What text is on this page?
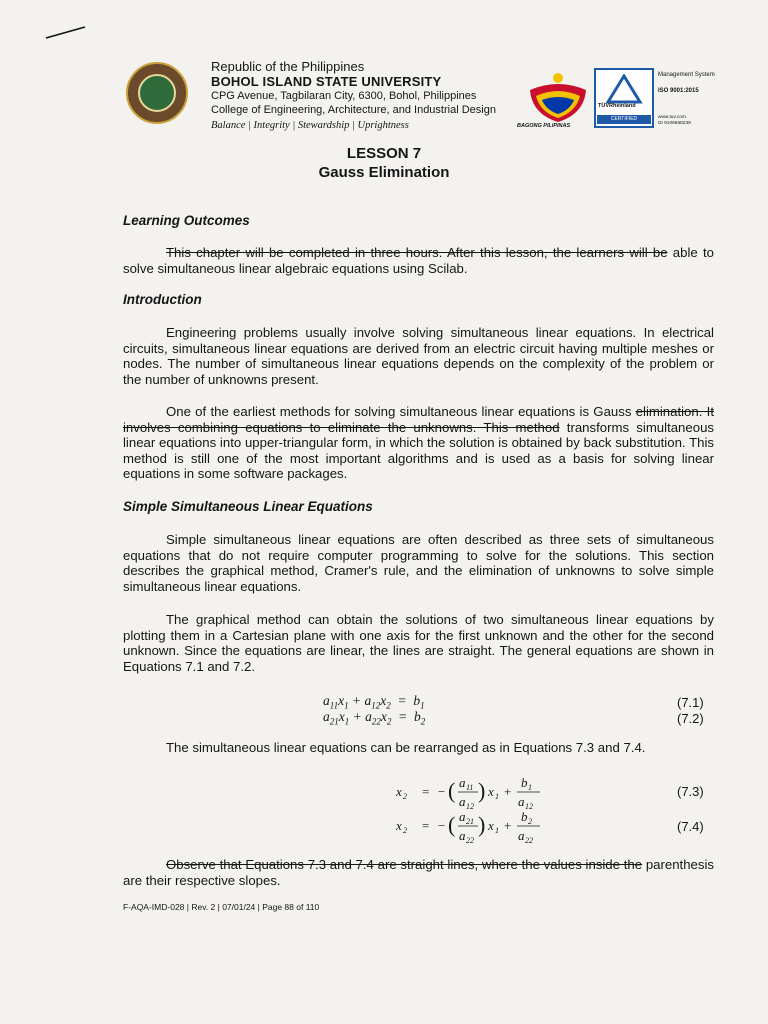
Republic of the Philippines
BOHOL ISLAND STATE UNIVERSITY
CPG Avenue, Tagbilaran City, 6300, Bohol, Philippines
College of Engineering, Architecture, and Industrial Design
Balance | Integrity | Stewardship | Uprightness	BAGONG PILIPINAS
TÜVRheinland
CERTIFIED
Management System
ISO 9001:2015
www.tuv.com
ID 9108658239
LESSON 7
Gauss Elimination
Learning Outcomes

This chapter will be completed in three hours. After this lesson, the learners will be able to solve simultaneous linear algebraic equations using Scilab.

Introduction

Engineering problems usually involve solving simultaneous linear equations. In electrical circuits, simultaneous linear equations are derived from an electric circuit having multiple meshes or nodes. The number of simultaneous linear equations depends on the complexity of the problem or the number of unknowns present.

One of the earliest methods for solving simultaneous linear equations is Gauss elimination. It involves combining equations to eliminate the unknowns. This method transforms simultaneous linear equations into upper-triangular form, in which the solution is obtained by back substitution. This method is still one of the most important algorithms and is used as a basis for solving linear equations in some software packages.

Simple Simultaneous Linear Equations

Simple simultaneous linear equations are often described as three sets of simultaneous equations that do not require computer programming to solve for the solutions. This section describes the graphical method, Cramer's rule, and the elimination of unknowns to solve simple simultaneous linear equations.

The graphical method can obtain the solutions of two simultaneous linear equations by plotting them in a Cartesian plane with one axis for the first unknown and the other for the second unknown. Since the equations are linear, the lines are straight. The general equations are shown in Equations 7.1 and 7.2.

$a_{11}x_1 + a_{12}x_2 = b_1$
$a_{21}x_1 + a_{22}x_2 = b_2$
(7.1)
(7.2)

The simultaneous linear equations can be rearranged as in Equations 7.3 and 7.4.

x 2 = − ( a 11
a 12
) x 1 +
b 1
a 12
x 2 = − ( a 21
a 22
) x 1 +
b 2
a 22
(7.3)
(7.4)

Observe that Equations 7.3 and 7.4 are straight lines, where the values inside the parenthesis are their respective slopes.

F-AQA-IMD-028 | Rev. 2 | 07/01/24 | Page 88 of 110
